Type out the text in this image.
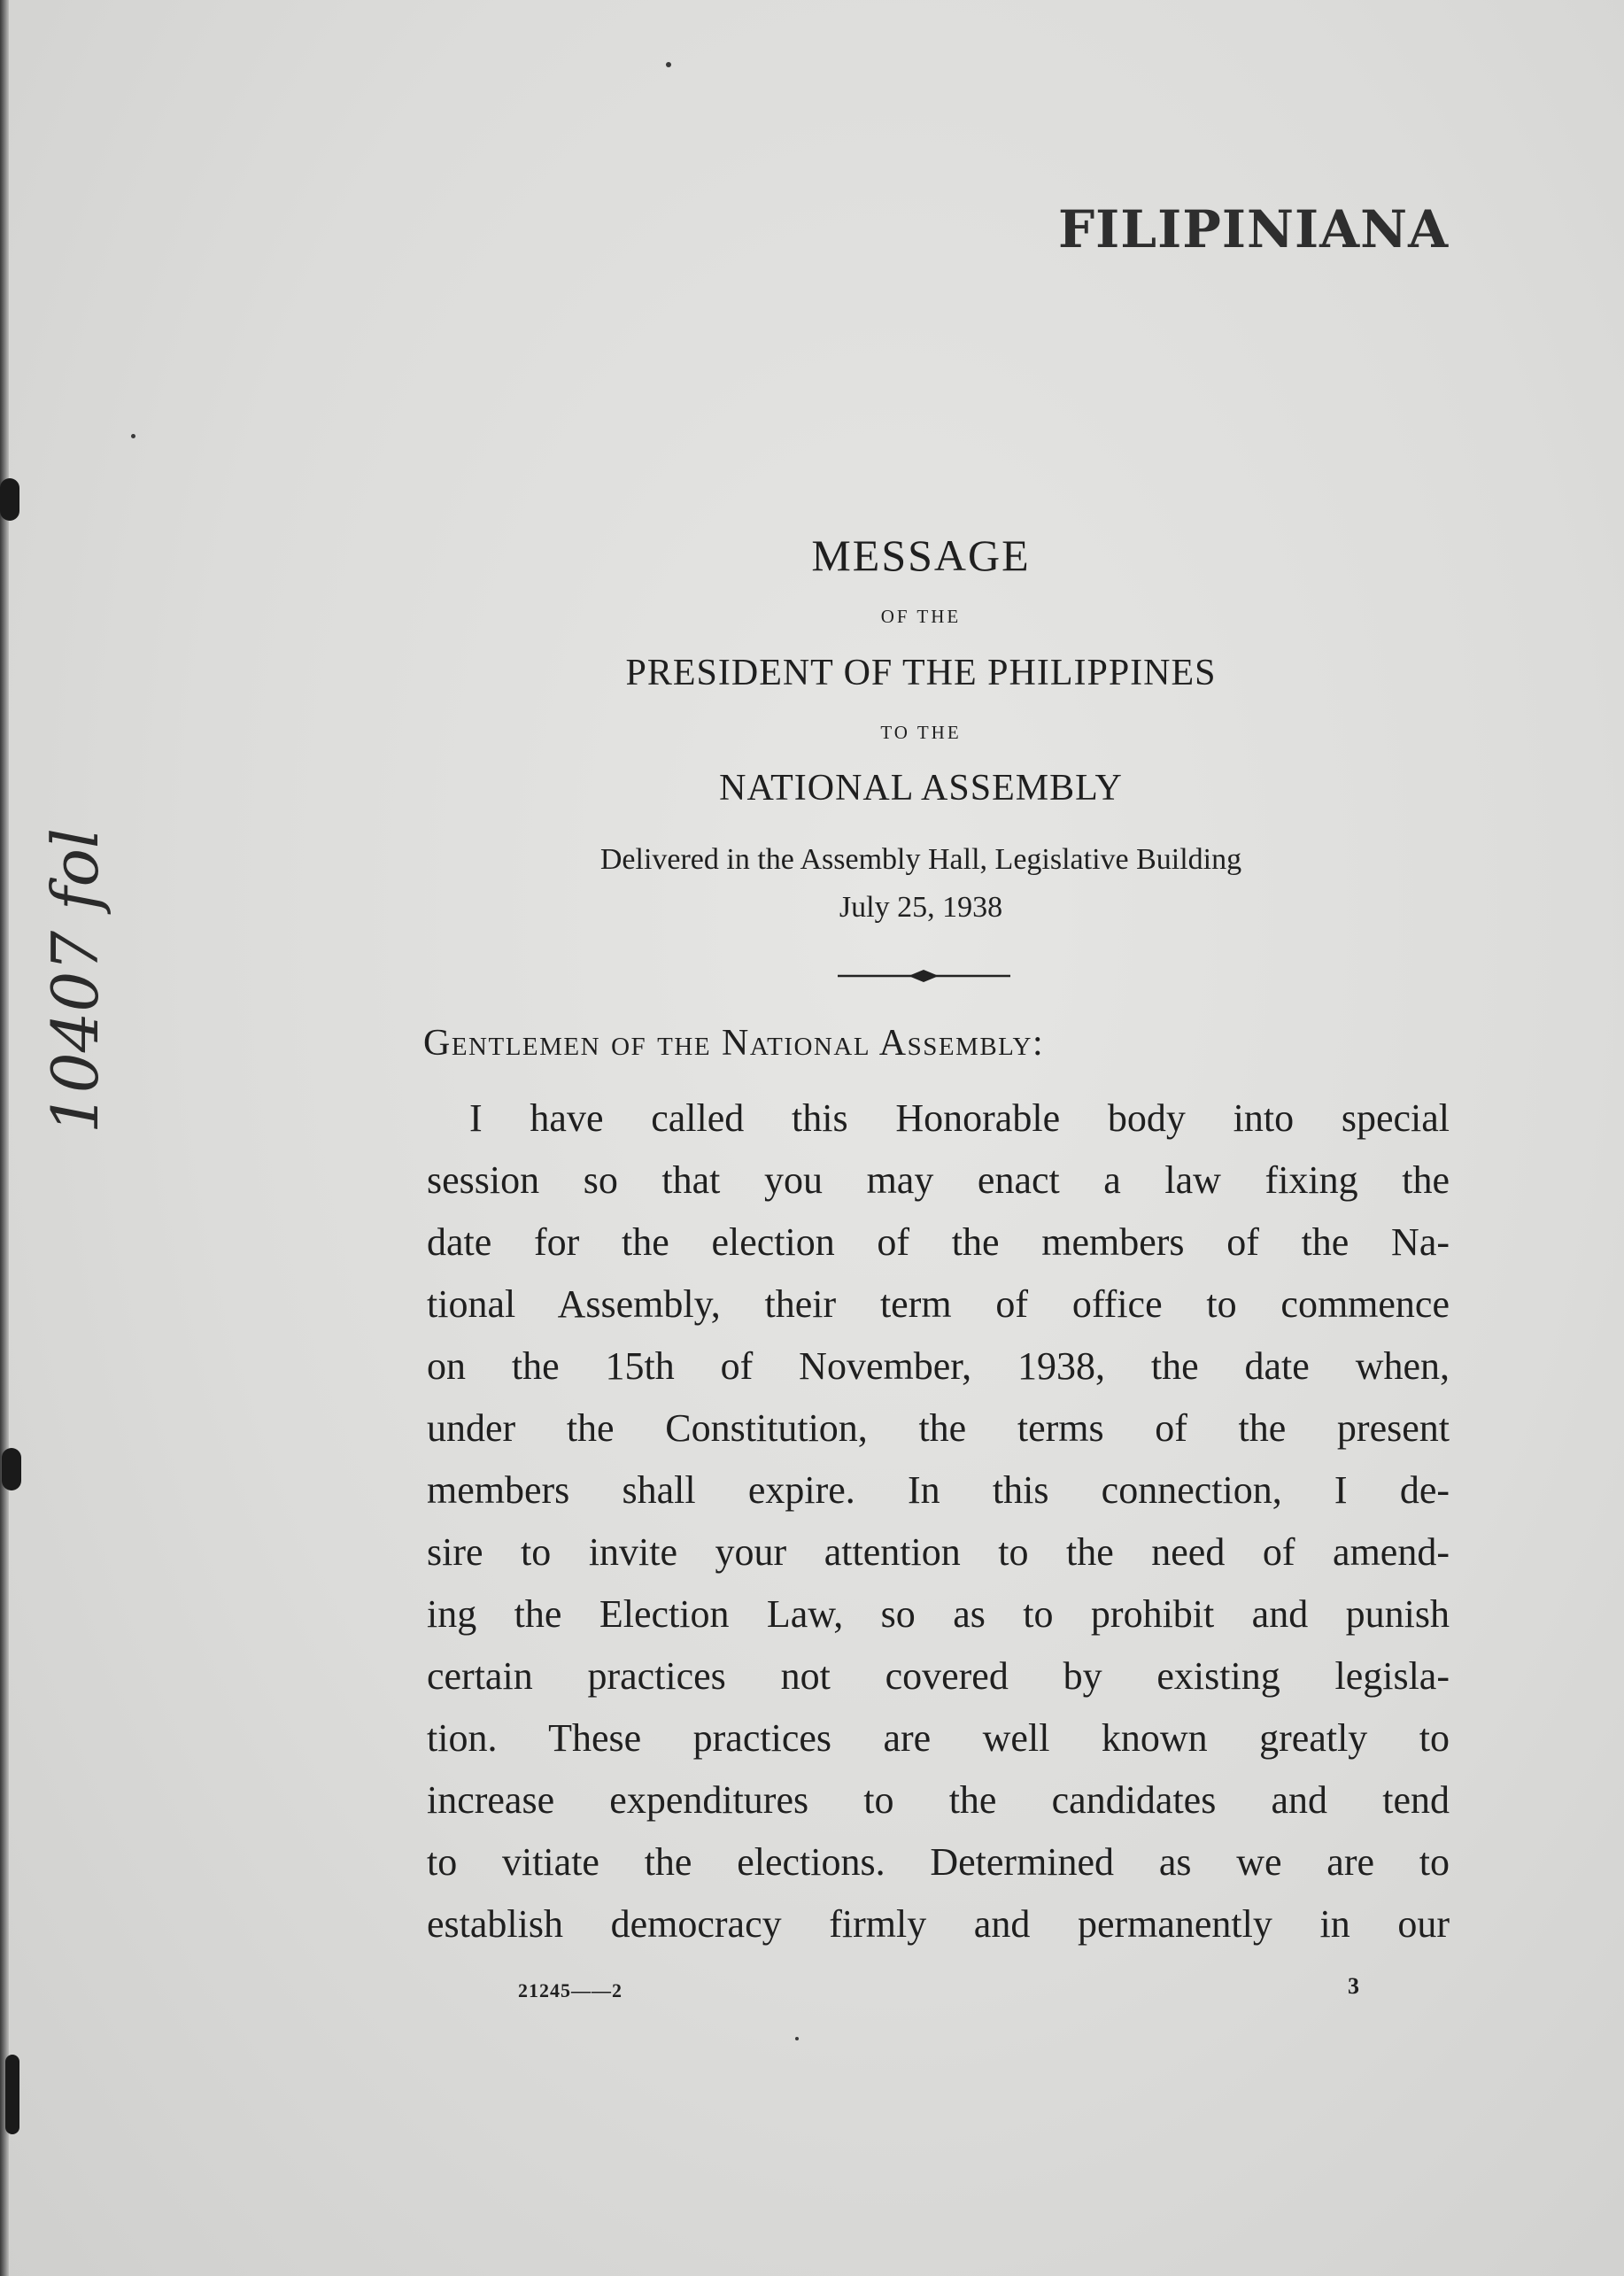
FILIPINIANA
10407 fol
MESSAGE
OF THE
PRESIDENT OF THE PHILIPPINES
TO THE
NATIONAL ASSEMBLY
Delivered in the Assembly Hall, Legislative Building
July 25, 1938
Gentlemen of the National Assembly:
I have called this Honorable body into special
session so that you may enact a law fixing the
date for the election of the members of the Na-
tional Assembly, their term of office to commence
on the 15th of November, 1938, the date when,
under the Constitution, the terms of the present
members shall expire. In this connection, I de-
sire to invite your attention to the need of amend-
ing the Election Law, so as to prohibit and punish
certain practices not covered by existing legisla-
tion. These practices are well known greatly to
increase expenditures to the candidates and tend
to vitiate the elections. Determined as we are to
establish democracy firmly and permanently in our
21245——2	3
